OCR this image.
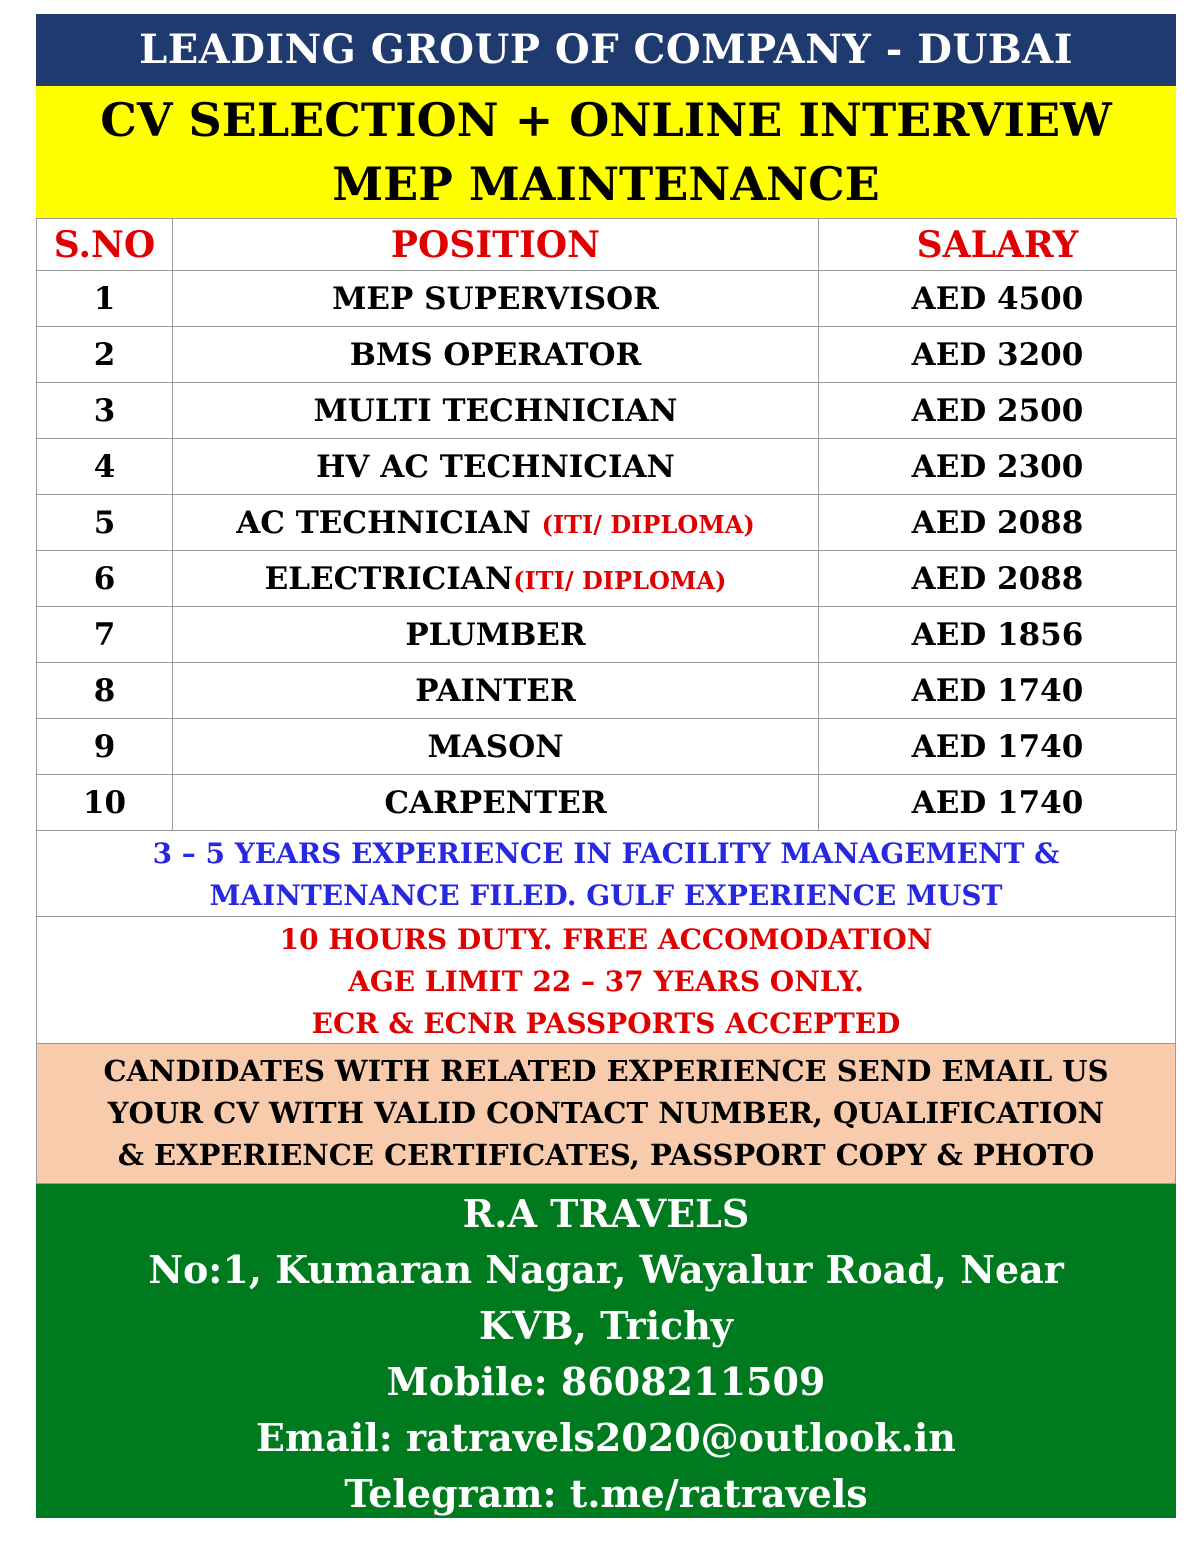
LEADING GROUP OF COMPANY - DUBAI
CV SELECTION + ONLINE INTERVIEW
MEP MAINTENANCE
S.NO	POSITION	SALARY
1	MEP SUPERVISOR	AED 4500
2	BMS OPERATOR	AED 3200
3	MULTI TECHNICIAN	AED 2500
4	HV AC TECHNICIAN	AED 2300
5	AC TECHNICIAN (ITI/ DIPLOMA)	AED 2088
6	ELECTRICIAN(ITI/ DIPLOMA)	AED 2088
7	PLUMBER	AED 1856
8	PAINTER	AED 1740
9	MASON	AED 1740
10	CARPENTER	AED 1740
3 – 5 YEARS EXPERIENCE IN FACILITY MANAGEMENT &
MAINTENANCE FILED. GULF EXPERIENCE MUST
10 HOURS DUTY. FREE ACCOMODATION
AGE LIMIT 22 – 37 YEARS ONLY.
ECR & ECNR PASSPORTS ACCEPTED
CANDIDATES WITH RELATED EXPERIENCE SEND EMAIL US
YOUR CV WITH VALID CONTACT NUMBER, QUALIFICATION
& EXPERIENCE CERTIFICATES, PASSPORT COPY & PHOTO
R.A TRAVELS
No:1, Kumaran Nagar, Wayalur Road, Near
KVB, Trichy
Mobile: 8608211509
Email: ratravels2020@outlook.in
Telegram: t.me/ratravels
